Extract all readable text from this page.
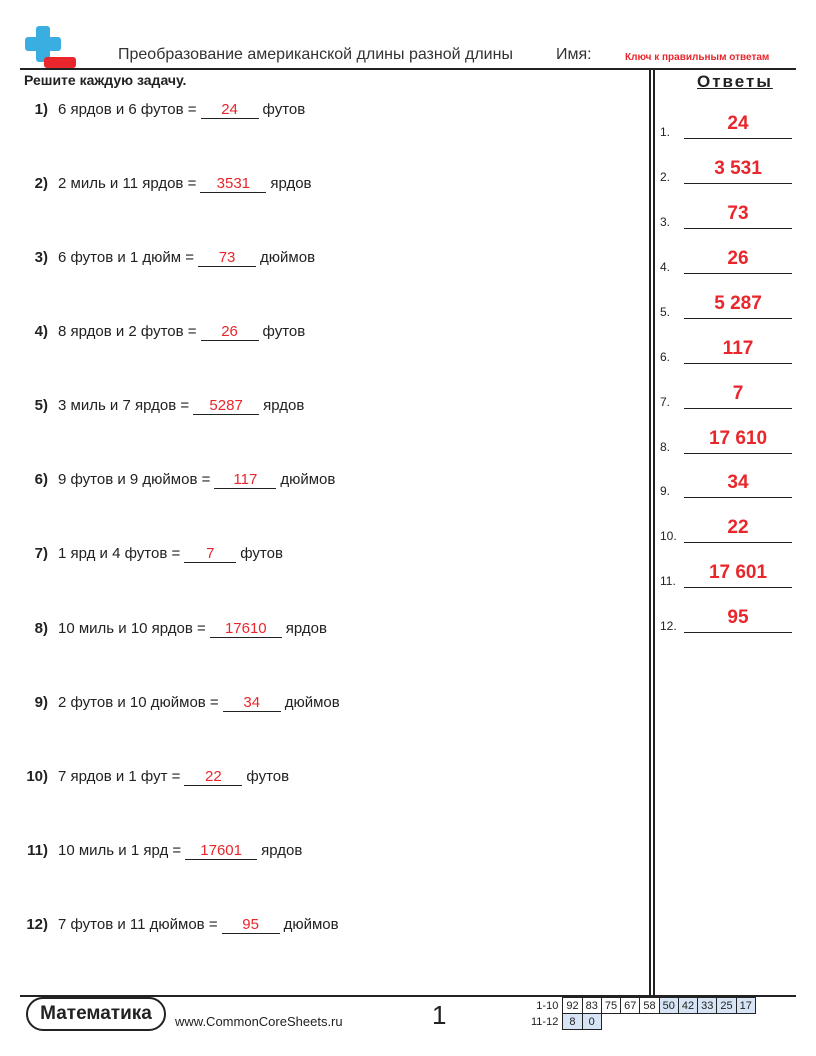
Преобразование американской длины разной длины	Имя:	Ключ к правильным ответам
Решите каждую задачу.
1) 6 ярдов и 6 футов = 24 футов
2) 2 миль и 11 ярдов = 3531 ярдов
3) 6 футов и 1 дюйм = 73 дюймов
4) 8 ярдов и 2 футов = 26 футов
5) 3 миль и 7 ярдов = 5287 ярдов
6) 9 футов и 9 дюймов = 117 дюймов
7) 1 ярд и 4 футов = 7 футов
8) 10 миль и 10 ярдов = 17610 ярдов
9) 2 футов и 10 дюймов = 34 дюймов
10) 7 ярдов и 1 фут = 22 футов
11) 10 миль и 1 ярд = 17601 ярдов
12) 7 футов и 11 дюймов = 95 дюймов
Ответы
1.	24
2.	3 531
3.	73
4.	26
5.	5 287
6.	117
7.	7
8.	17 610
9.	34
10.	22
11.	17 601
12.	95
Математика	www.CommonCoreSheets.ru	1	1-10	92	83	75	67	58	50	42	33	25	17
11-12	8	0								
